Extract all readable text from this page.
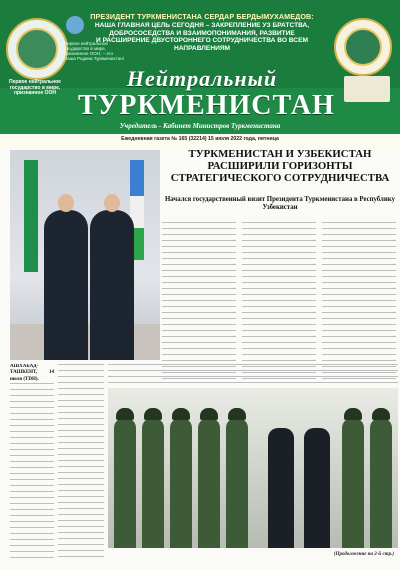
Первое нейтральное государство в мире, признанное ООН
Первое нейтральное государство в мире, признанное ООН, – это Наша Родина Туркменистан!
ПРЕЗИДЕНТ ТУРКМЕНИСТАНА СЕРДАР БЕРДЫМУХАМЕДОВ:
НАША ГЛАВНАЯ ЦЕЛЬ СЕГОДНЯ – ЗАКРЕПЛЕНИЕ УЗ БРАТСТВА,
ДОБРОСОСЕДСТВА И ВЗАИМОПОНИМАНИЯ, РАЗВИТИЕ
И РАСШИРЕНИЕ ДВУСТОРОННЕГО СОТРУДНИЧЕСТВА ВО ВСЕМ НАПРАВЛЕНИЯМ
Нейтральный
ТУРКМЕНИСТАН
Учредитель - Кабинет Министров Туркменистана
Ежедневная газета № 165 (32214) 15 июля 2022 года, пятница
ТУРКМЕНИСТАН И УЗБЕКИСТАН РАСШИРИЛИ ГОРИЗОНТЫ СТРАТЕГИЧЕСКОГО СОТРУДНИЧЕСТВА
Начался государственный визит Президента Туркменистана в Республику Узбекистан
АШХАБАД-ТАШКЕНТ, 14 июля (TDH).
(Продолжение на 2-й стр.)
